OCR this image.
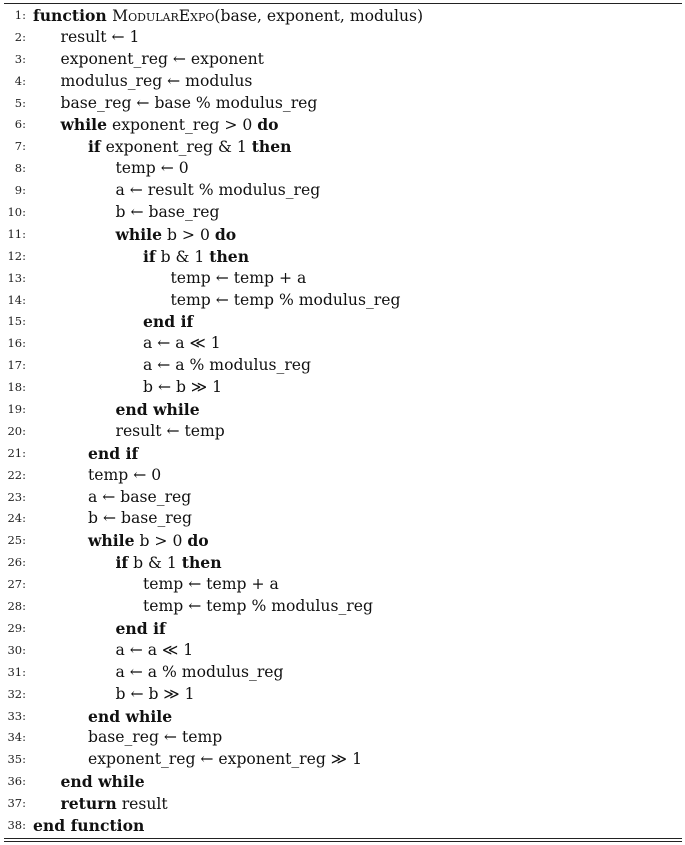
1: function ModularExpo(base, exponent, modulus)
2: result ← 1
3: exponent_reg ← exponent
4: modulus_reg ← modulus
5: base_reg ← base % modulus_reg
6: while exponent_reg > 0 do
7:	if exponent_reg & 1 then
8:	temp ← 0
9:	a ← result % modulus_reg
10:	b ← base_reg
11:	while b > 0 do
12:	if b & 1 then
13:	temp ← temp + a
14:	temp ← temp % modulus_reg
15:	end if
16:	a ← a ≪ 1
17:	a ← a % modulus_reg
18:	b ← b ≫ 1
19:	end while
20:	result ← temp
21:	end if
22:	temp ← 0
23:	a ← base_reg
24:	b ← base_reg
25:	while b > 0 do
26:	if b & 1 then
27:	temp ← temp + a
28:	temp ← temp % modulus_reg
29:	end if
30:	a ← a ≪ 1
31:	a ← a % modulus_reg
32:	b ← b ≫ 1
33:	end while
34:	base_reg ← temp
35:	exponent_reg ← exponent_reg ≫ 1
36: end while
37: return result
38: end function
